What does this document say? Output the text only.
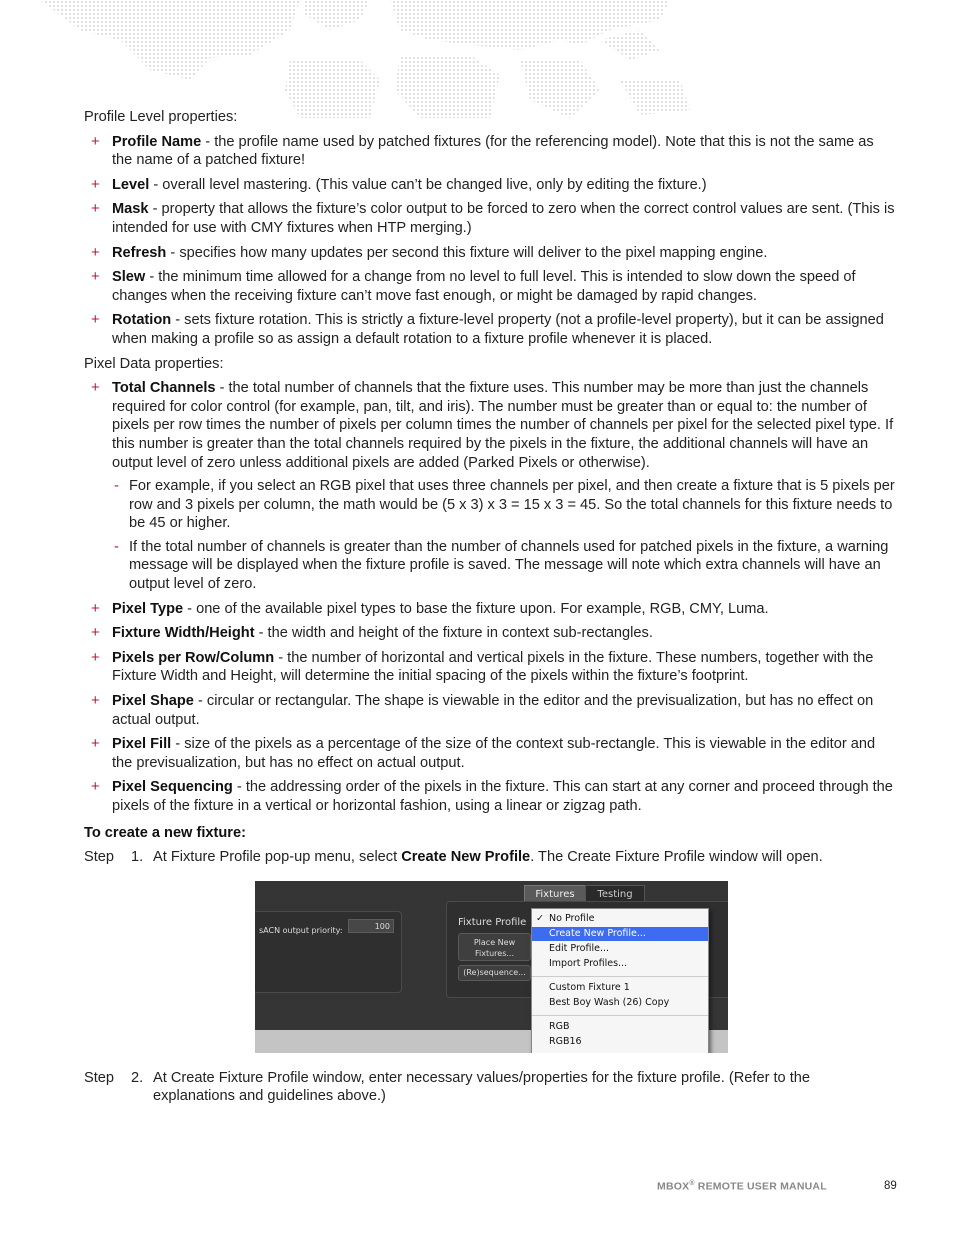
Profile Level properties:

+ Profile Name - the profile name used by patched fixtures (for the referencing model). Note that this is not the same as the name of a patched fixture!
+ Level - overall level mastering. (This value can’t be changed live, only by editing the fixture.)
+ Mask - property that allows the fixture’s color output to be forced to zero when the correct control values are sent. (This is intended for use with CMY fixtures when HTP merging.)
+ Refresh - specifies how many updates per second this fixture will deliver to the pixel mapping engine.
+ Slew - the minimum time allowed for a change from no level to full level. This is intended to slow down the speed of changes when the receiving fixture can’t move fast enough, or might be damaged by rapid changes.
+ Rotation - sets fixture rotation. This is strictly a fixture-level property (not a profile-level property), but it can be assigned when making a profile so as assign a default rotation to a fixture profile whenever it is placed.

Pixel Data properties:

+ Total Channels - the total number of channels that the fixture uses. This number may be more than just the channels required for color control (for example, pan, tilt, and iris). The number must be greater than or equal to: the number of pixels per row times the number of pixels per column times the number of channels per pixel for the selected pixel type. If this number is greater than the total channels required by the pixels in the fixture, the additional channels will have an output level of zero unless additional pixels are added (Parked Pixels or otherwise).
- For example, if you select an RGB pixel that uses three channels per pixel, and then create a fixture that is 5 pixels per row and 3 pixels per column, the math would be (5 x 3) x 3 = 15 x 3 = 45. So the total channels for this fixture needs to be 45 or higher.
- If the total number of channels is greater than the number of channels used for patched pixels in the fixture, a warning message will be displayed when the fixture profile is saved. The message will note which extra channels will have an output level of zero.
+ Pixel Type - one of the available pixel types to base the fixture upon. For example, RGB, CMY, Luma.
+ Fixture Width/Height - the width and height of the fixture in context sub-rectangles.
+ Pixels per Row/Column - the number of horizontal and vertical pixels in the fixture. These numbers, together with the Fixture Width and Height, will determine the initial spacing of the pixels within the fixture’s footprint.
+ Pixel Shape - circular or rectangular. The shape is viewable in the editor and the previsualization, but has no effect on actual output.
+ Pixel Fill - size of the pixels as a percentage of the size of the context sub-rectangle. This is viewable in the editor and the previsualization, but has no effect on actual output.
+ Pixel Sequencing - the addressing order of the pixels in the fixture. This can start at any corner and proceed through the pixels of the fixture in a vertical or horizontal fashion, using a linear or zigzag path.
To create a new fixture:
Step	1. At Fixture Profile pop-up menu, select Create New Profile. The Create Fixture Profile window will open.
Fixtures	Testing
sACN output priority:	100	Fixture Profile
Place New
Fixtures...
(Re)sequence...
✓ No Profile
Create New Profile...
Edit Profile...
Import Profiles...
Custom Fixture 1
Best Boy Wash (26) Copy
RGB
RGB16
Step	2. At Create Fixture Profile window, enter necessary values/properties for the fixture profile. (Refer to the explanations and guidelines above.)
MBOX® REMOTE USER MANUAL	89
